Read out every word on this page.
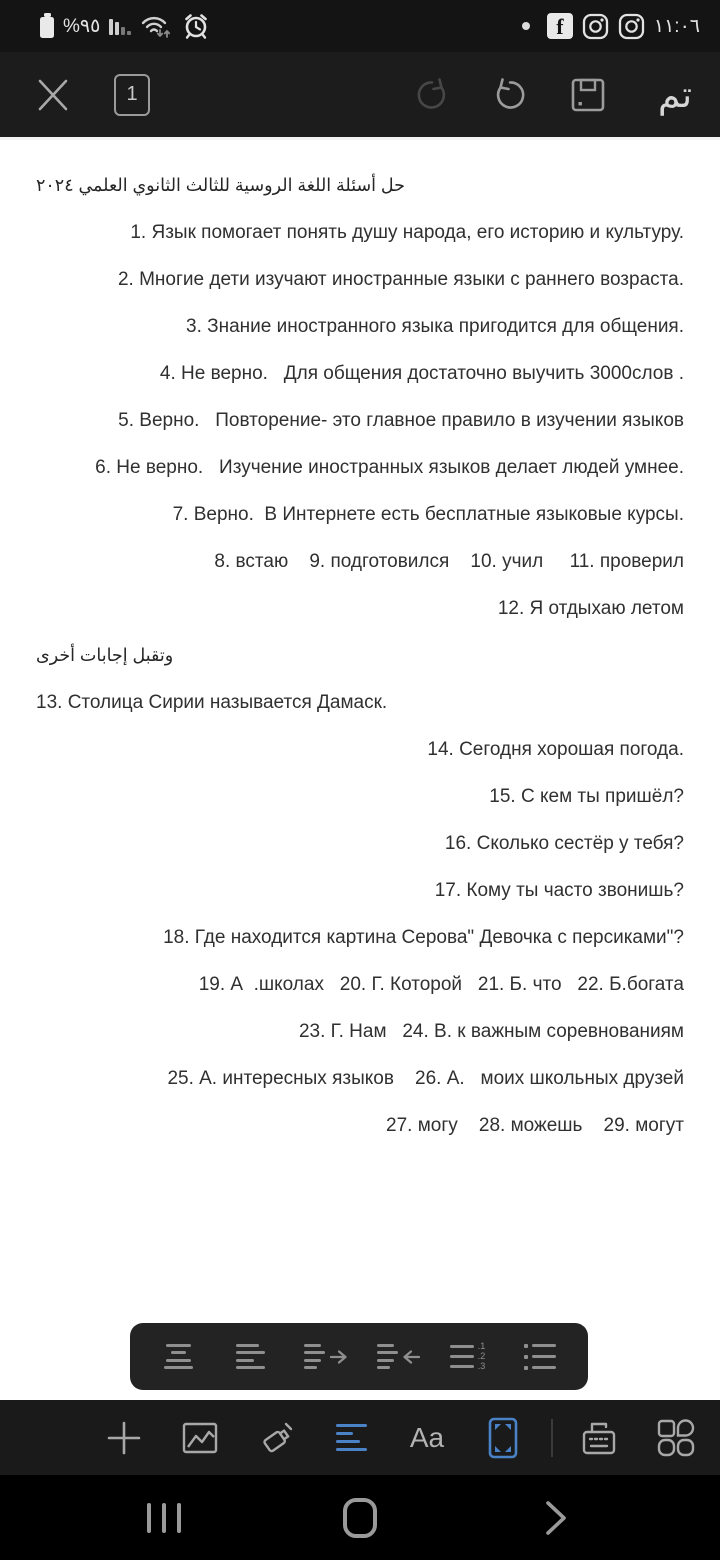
%٩٥	f	١١:٠٦
1	تم
حل أسئلة اللغة الروسية للثالث الثانوي العلمي ٢٠٢٤
1. Язык помогает понять душу народа, его историю и культуру.
2. Многие дети изучают иностранные языки с раннего возраста.
3. Знание иностранного языка пригодится для общения.
4. Не верно.   Для общения достаточно выучить 3000слов .
5. Верно.   Повторение- это главное правило в изучении языков
6. Не верно.   Изучение иностранных языков делает людей умнее.
7. Верно.  В Интернете есть бесплатные языковые курсы.
8. встаю    9. подготовился    10. учил     11. проверил
12. Я отдыхаю летом
وتقبل إجابات أخرى
13. Столица Сирии называется Дамаск.
14. Сегодня хорошая погода.
15. С кем ты пришёл?
16. Сколько сестёр у тебя?
17. Кому ты часто звонишь?
18. Где находится картина Серова" Девочка с персиками"?
19. А  .школах   20. Г. Которой   21. Б. что   22. Б.богата
23. Г. Нам   24. В. к важным соревнованиям
25. А. интересных языков    26. А.   моих школьных друзей
27. могу    28. можешь    29. могут
.1
.2
.3
Aa
